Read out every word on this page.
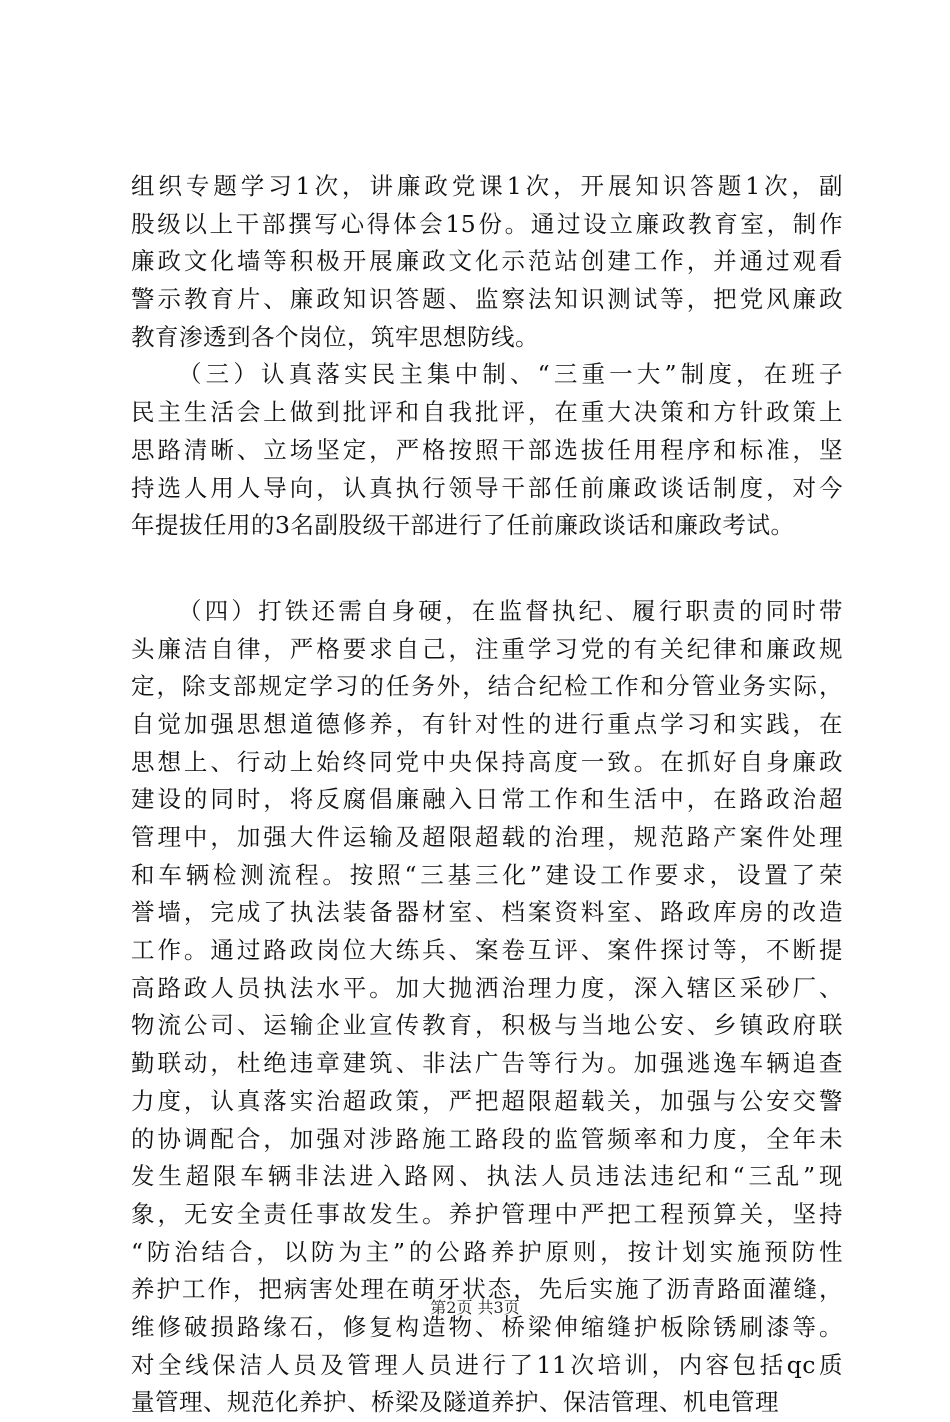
组织专题学习1次，讲廉政党课1次，开展知识答题1次，副
股级以上干部撰写心得体会15份。通过设立廉政教育室，制作
廉政文化墙等积极开展廉政文化示范站创建工作，并通过观看
警示教育片、廉政知识答题、监察法知识测试等，把党风廉政
教育渗透到各个岗位，筑牢思想防线。
（三）认真落实民主集中制、“三重一大”制度，在班子
民主生活会上做到批评和自我批评，在重大决策和方针政策上
思路清晰、立场坚定，严格按照干部选拔任用程序和标准，坚
持选人用人导向，认真执行领导干部任前廉政谈话制度，对今
年提拔任用的3名副股级干部进行了任前廉政谈话和廉政考试。
（四）打铁还需自身硬，在监督执纪、履行职责的同时带
头廉洁自律，严格要求自己，注重学习党的有关纪律和廉政规
定，除支部规定学习的任务外，结合纪检工作和分管业务实际，
自觉加强思想道德修养，有针对性的进行重点学习和实践，在
思想上、行动上始终同党中央保持高度一致。在抓好自身廉政
建设的同时，将反腐倡廉融入日常工作和生活中，在路政治超
管理中，加强大件运输及超限超载的治理，规范路产案件处理
和车辆检测流程。按照“三基三化”建设工作要求，设置了荣
誉墙，完成了执法装备器材室、档案资料室、路政库房的改造
工作。通过路政岗位大练兵、案卷互评、案件探讨等，不断提
高路政人员执法水平。加大抛洒治理力度，深入辖区采砂厂、
物流公司、运输企业宣传教育，积极与当地公安、乡镇政府联
勤联动，杜绝违章建筑、非法广告等行为。加强逃逸车辆追查
力度，认真落实治超政策，严把超限超载关，加强与公安交警
的协调配合，加强对涉路施工路段的监管频率和力度，全年未
发生超限车辆非法进入路网、执法人员违法违纪和“三乱”现
象，无安全责任事故发生。养护管理中严把工程预算关，坚持
“防治结合，以防为主”的公路养护原则，按计划实施预防性
养护工作，把病害处理在萌牙状态，先后实施了沥青路面灌缝，
维修破损路缘石，修复构造物、桥梁伸缩缝护板除锈刷漆等。
对全线保洁人员及管理人员进行了11次培训，内容包括qc质
量管理、规范化养护、桥梁及隧道养护、保洁管理、机电管理
第2页 共3页
